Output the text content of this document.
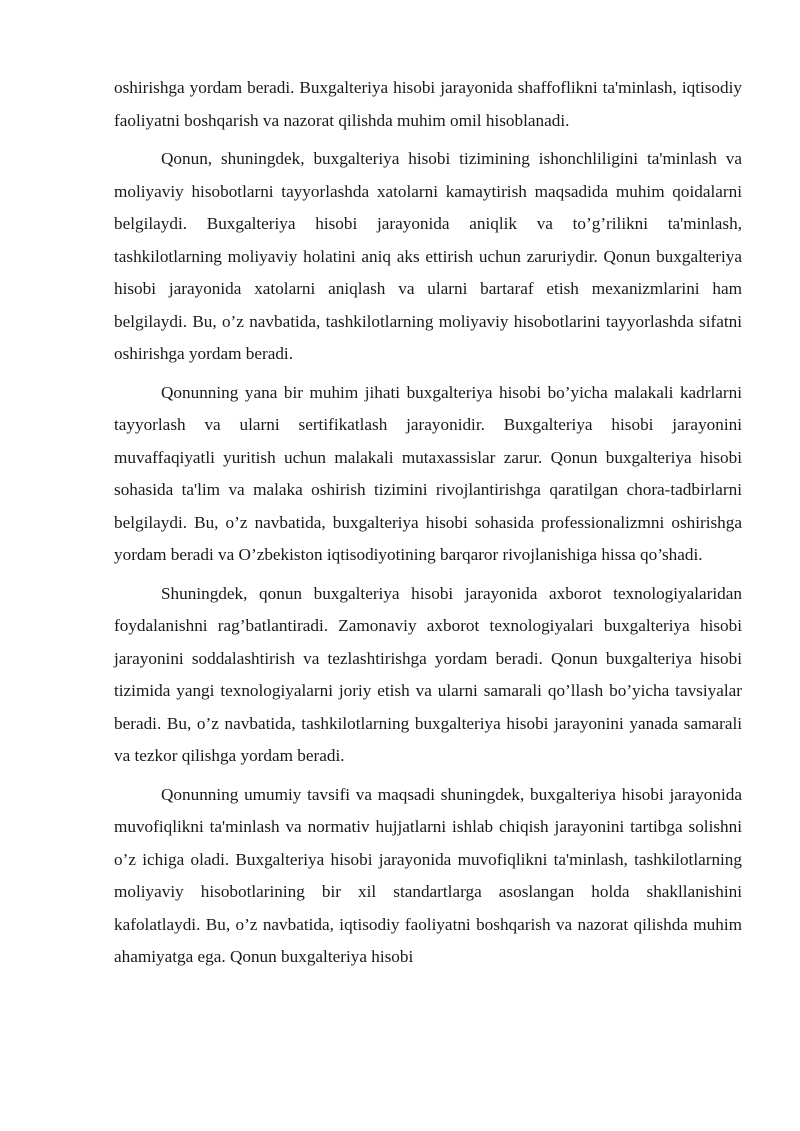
oshirishga yordam beradi. Buxgalteriya hisobi jarayonida shaffoflikni ta'minlash, iqtisodiy faoliyatni boshqarish va nazorat qilishda muhim omil hisoblanadi.

Qonun, shuningdek, buxgalteriya hisobi tizimining ishonchliligini ta'minlash va moliyaviy hisobotlarni tayyorlashda xatolarni kamaytirish maqsadida muhim qoidalarni belgilaydi. Buxgalteriya hisobi jarayonida aniqlik va to’g’rilikni ta'minlash, tashkilotlarning moliyaviy holatini aniq aks ettirish uchun zaruriydir. Qonun buxgalteriya hisobi jarayonida xatolarni aniqlash va ularni bartaraf etish mexanizmlarini ham belgilaydi. Bu, o’z navbatida, tashkilotlarning moliyaviy hisobotlarini tayyorlashda sifatni oshirishga yordam beradi.

Qonunning yana bir muhim jihati buxgalteriya hisobi bo’yicha malakali kadrlarni tayyorlash va ularni sertifikatlash jarayonidir. Buxgalteriya hisobi jarayonini muvaffaqiyatli yuritish uchun malakali mutaxassislar zarur. Qonun buxgalteriya hisobi sohasida ta'lim va malaka oshirish tizimini rivojlantirishga qaratilgan chora-tadbirlarni belgilaydi. Bu, o’z navbatida, buxgalteriya hisobi sohasida professionalizmni oshirishga yordam beradi va O’zbekiston iqtisodiyotining barqaror rivojlanishiga hissa qo’shadi.

Shuningdek, qonun buxgalteriya hisobi jarayonida axborot texnologiyalaridan foydalanishni rag’batlantiradi. Zamonaviy axborot texnologiyalari buxgalteriya hisobi jarayonini soddalashtirish va tezlashtirishga yordam beradi. Qonun buxgalteriya hisobi tizimida yangi texnologiyalarni joriy etish va ularni samarali qo’llash bo’yicha tavsiyalar beradi. Bu, o’z navbatida, tashkilotlarning buxgalteriya hisobi jarayonini yanada samarali va tezkor qilishga yordam beradi.

Qonunning umumiy tavsifi va maqsadi shuningdek, buxgalteriya hisobi jarayonida muvofiqlikni ta'minlash va normativ hujjatlarni ishlab chiqish jarayonini tartibga solishni o’z ichiga oladi. Buxgalteriya hisobi jarayonida muvofiqlikni ta'minlash, tashkilotlarning moliyaviy hisobotlarining bir xil standartlarga asoslangan holda shakllanishini kafolatlaydi. Bu, o’z navbatida, iqtisodiy faoliyatni boshqarish va nazorat qilishda muhim ahamiyatga ega. Qonun buxgalteriya hisobi
